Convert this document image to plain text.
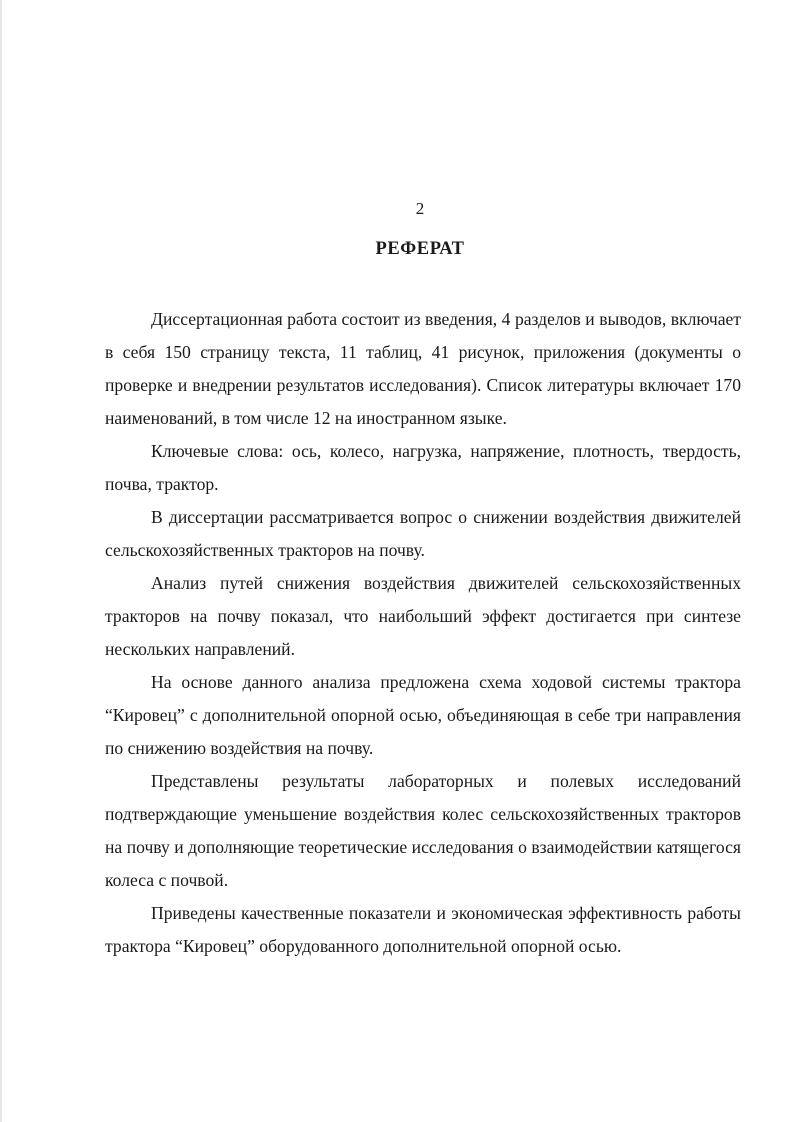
2
РЕФЕРАТ

Диссертационная работа состоит из введения, 4 разделов и выводов, включает в себя 150 страницу текста, 11 таблиц, 41 рисунок, приложения (документы о проверке и внедрении результатов исследования). Список литературы включает 170 наименований, в том числе 12 на иностранном языке.

Ключевые слова: ось, колесо, нагрузка, напряжение, плотность, твердость, почва, трактор.

В диссертации рассматривается вопрос о снижении воздействия движителей сельскохозяйственных тракторов на почву.

Анализ путей снижения воздействия движителей сельскохозяйственных тракторов на почву показал, что наибольший эффект достигается при синтезе нескольких направлений.

На основе данного анализа предложена схема ходовой системы трактора “Кировец” с дополнительной опорной осью, объединяющая в себе три направления по снижению воздействия на почву.

Представлены результаты лабораторных и полевых исследований подтверждающие уменьшение воздействия колес сельскохозяйственных тракторов на почву и дополняющие теоретические исследования о взаимодействии катящегося колеса с почвой.

Приведены качественные показатели и экономическая эффективность работы трактора “Кировец” оборудованного дополнительной опорной осью.
